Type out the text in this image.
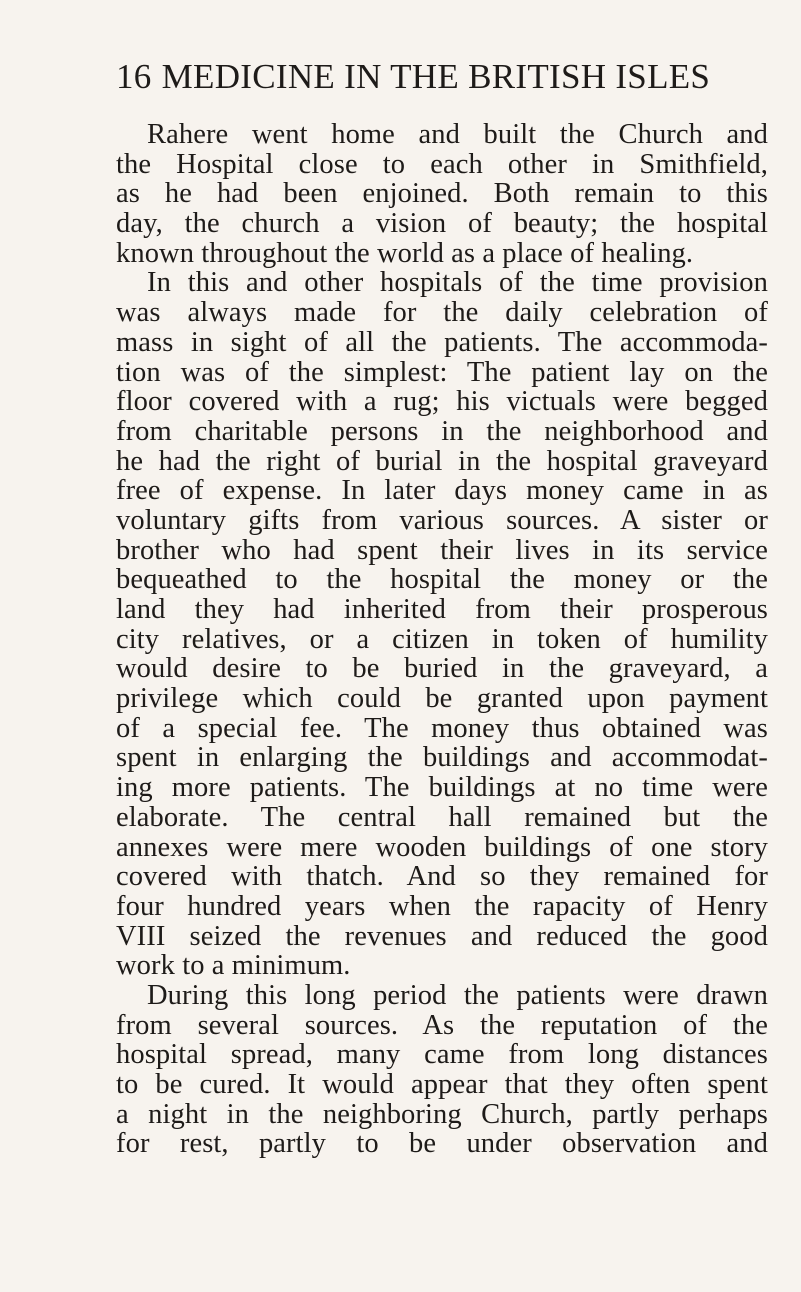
16 MEDICINE IN THE BRITISH ISLES
Rahere went home and built the Church and
the Hospital close to each other in Smithfield,
as he had been enjoined. Both remain to this
day, the church a vision of beauty; the hospital
known throughout the world as a place of healing.
In this and other hospitals of the time provision
was always made for the daily celebration of
mass in sight of all the patients. The accommoda-
tion was of the simplest: The patient lay on the
floor covered with a rug; his victuals were begged
from charitable persons in the neighborhood and
he had the right of burial in the hospital graveyard
free of expense. In later days money came in as
voluntary gifts from various sources. A sister or
brother who had spent their lives in its service
bequeathed to the hospital the money or the
land they had inherited from their prosperous
city relatives, or a citizen in token of humility
would desire to be buried in the graveyard, a
privilege which could be granted upon payment
of a special fee. The money thus obtained was
spent in enlarging the buildings and accommodat-
ing more patients. The buildings at no time were
elaborate. The central hall remained but the
annexes were mere wooden buildings of one story
covered with thatch. And so they remained for
four hundred years when the rapacity of Henry
VIII seized the revenues and reduced the good
work to a minimum.
During this long period the patients were drawn
from several sources. As the reputation of the
hospital spread, many came from long distances
to be cured. It would appear that they often spent
a night in the neighboring Church, partly perhaps
for rest, partly to be under observation and
